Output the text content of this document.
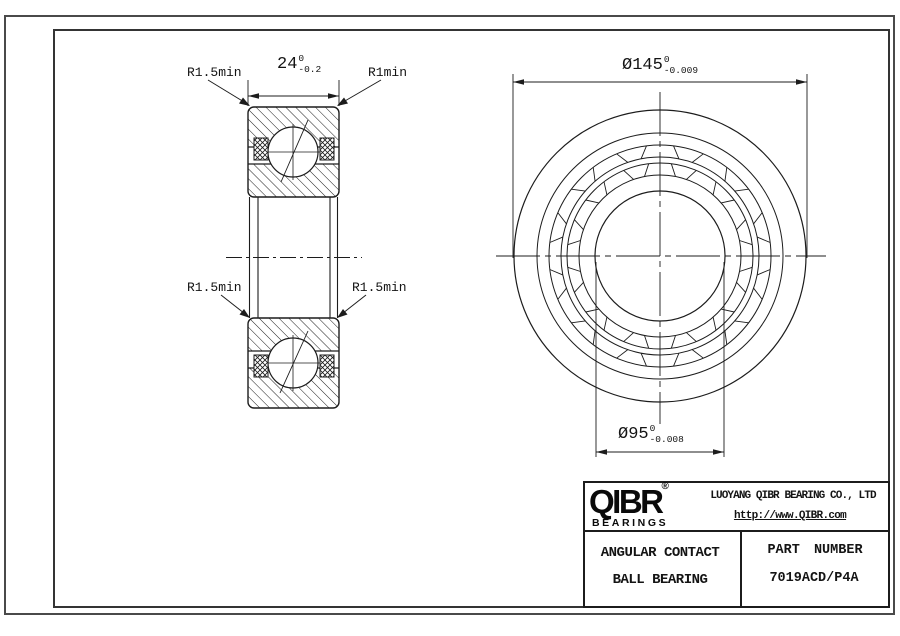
R1.5min	R1min
R1.5min	R1.5min
24 0
-0.2	Ø145 0
-0.009
Ø95 0
-0.008
QIBR®
BEARINGS
LUOYANG QIBR BEARING CO., LTD
http://www.QIBR.com
ANGULAR CONTACT
BALL BEARING
PART NUMBER
7019ACD/P4A
